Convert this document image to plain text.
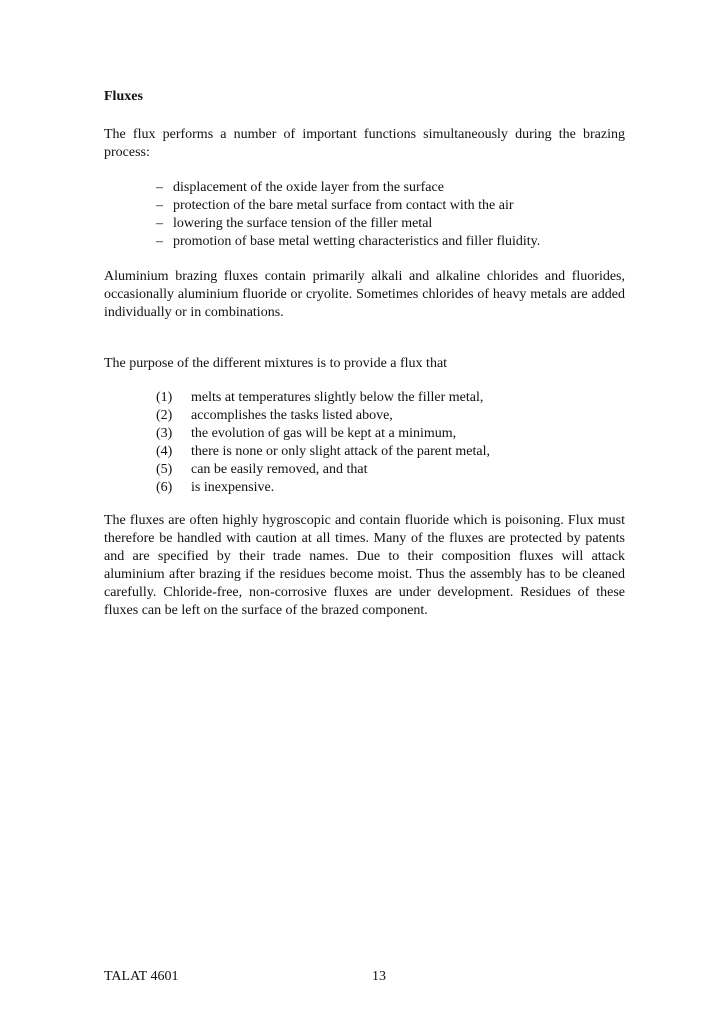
Fluxes

The flux performs a number of important functions simultaneously during the brazing process:

– displacement of the oxide layer from the surface
– protection of the bare metal surface from contact with the air
– lowering the surface tension of the filler metal
– promotion of base metal wetting characteristics and filler fluidity.

Aluminium brazing fluxes contain primarily alkali and alkaline chlorides and fluorides, occasionally aluminium fluoride or cryolite. Sometimes chlorides of heavy metals are added individually or in combinations.

The purpose of the different mixtures is to provide a flux that

(1) melts at temperatures slightly below the filler metal,
(2) accomplishes the tasks listed above,
(3) the evolution of gas will be kept at a minimum,
(4) there is none or only slight attack of the parent metal,
(5) can be easily removed, and that
(6) is inexpensive.

The fluxes are often highly hygroscopic and contain fluoride which is poisoning. Flux must therefore be handled with caution at all times. Many of the fluxes are protected by patents and are specified by their trade names. Due to their composition fluxes will attack aluminium after brazing if the residues become moist. Thus the assembly has to be cleaned carefully. Chloride-free, non-corrosive fluxes are under development. Residues of these fluxes can be left on the surface of the brazed component.

TALAT 4601	13
